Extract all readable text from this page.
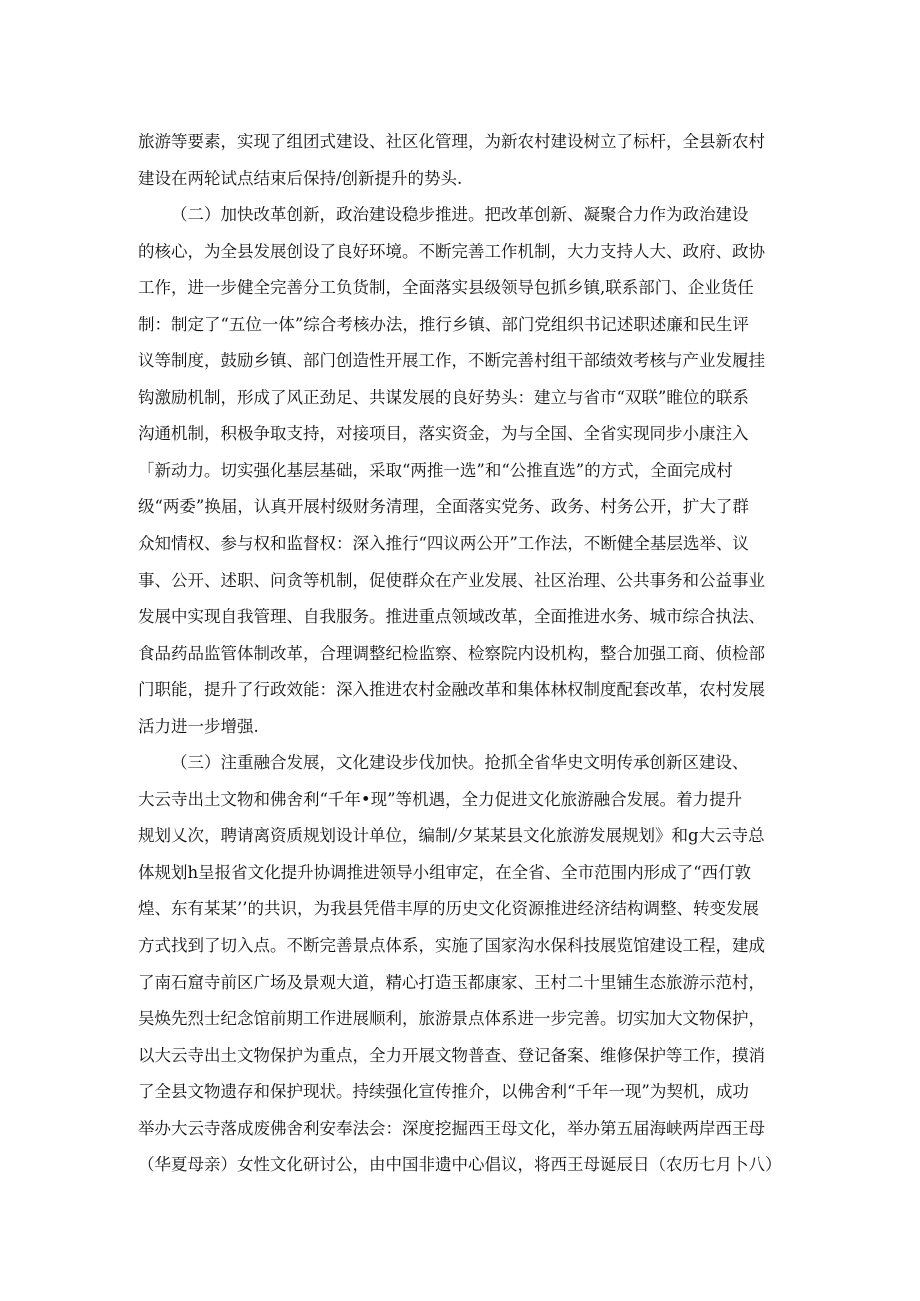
旅游等要素，实现了组团式建设、社区化管理，为新农村建设树立了标杆，全县新农村
建设在两轮试点结束后保持/创新提升的势头.
（二）加快改革创新，政治建设稳步推进。把改革创新、凝聚合力作为政治建设
的核心，为全县发展创设了良好环境。不断完善工作机制，大力支持人大、政府、政协
工作，进一步健全完善分工负货制，全面落实县级领导包抓乡镇,联系部门、企业货任
制：制定了“五位一体”综合考核办法，推行乡镇、部门党组织书记述职述廉和民生评
议等制度，鼓励乡镇、部门创造性开展工作，不断完善村组干部绩效考核与产业发履挂
钩激励机制，形成了风正劲足、共谋发展的良好势头：建立与省市“双联”睢位的联系
沟通机制，积极争取支持，对接项目，落实资金，为与全国、全省实现同步小康注入
「新动力。切实强化基层基础，采取“两推一选”和“公推直选”的方式，全面完成村
级“两委”换届，认真开展村级财务清理，全面落实党务、政务、村务公开，扩大了群
众知情权、参与权和监督权：深入推行“四议两公开”工作法，不断健全基层选举、议
事、公开、述职、问贪等机制，促使群众在产业发展、社区治理、公共事务和公益事业
发展中实现自我管理、自我服务。推进重点领域改革，全面推进水务、城市综合执法、
食品药品监管体制改革，合理调整纪检监察、检察院内设机构，整合加强工商、侦检部
门职能，提升了行政效能：深入推进农村金融改革和集体林权制度配套改革，农村发展
活力进一步增强.
（三）注重融合发展，文化建设步伐加快。抢抓全省华史文明传承创新区建设、
大云寺出土文物和佛舍利“千年•现”等机遇，全力促进文化旅游融合发展。着力提升
规划乂次，聘请离资质规划设计单位，编制/夕某某县文化旅游发展规划》和g大云寺总
体规划h呈报省文化提升协调推进领导小组审定，在全省、全市范围内形成了“西仃敦
煌、东有某某’’的共识，为我县凭借丰厚的历史文化资源推进经济结构调整、转变发展
方式找到了切入点。不断完善景点体系，实施了国家沟水保科技展览馆建设工程，建成
了南石窟寺前区广场及景观大道，精心打造玉都康家、王村二十里铺生态旅游示范村，
吴焕先烈士纪念馆前期工作进展顺利，旅游景点体系进一步完善。切实加大文物保护，
以大云寺出土文物保护为重点，全力开展文物普查、登记备案、维修保护等工作，摸消
了全县文物遗存和保护现状。持续强化宣传推介，以佛舍利“千年一现”为契机，成功
举办大云寺落成废佛舍利安奉法会：深度挖掘西王母文化，举办第五届海峡两岸西王母
（华夏母亲）女性文化研讨公，由中国非遗中心倡议，将西王母诞辰日（农历七月卜八）
